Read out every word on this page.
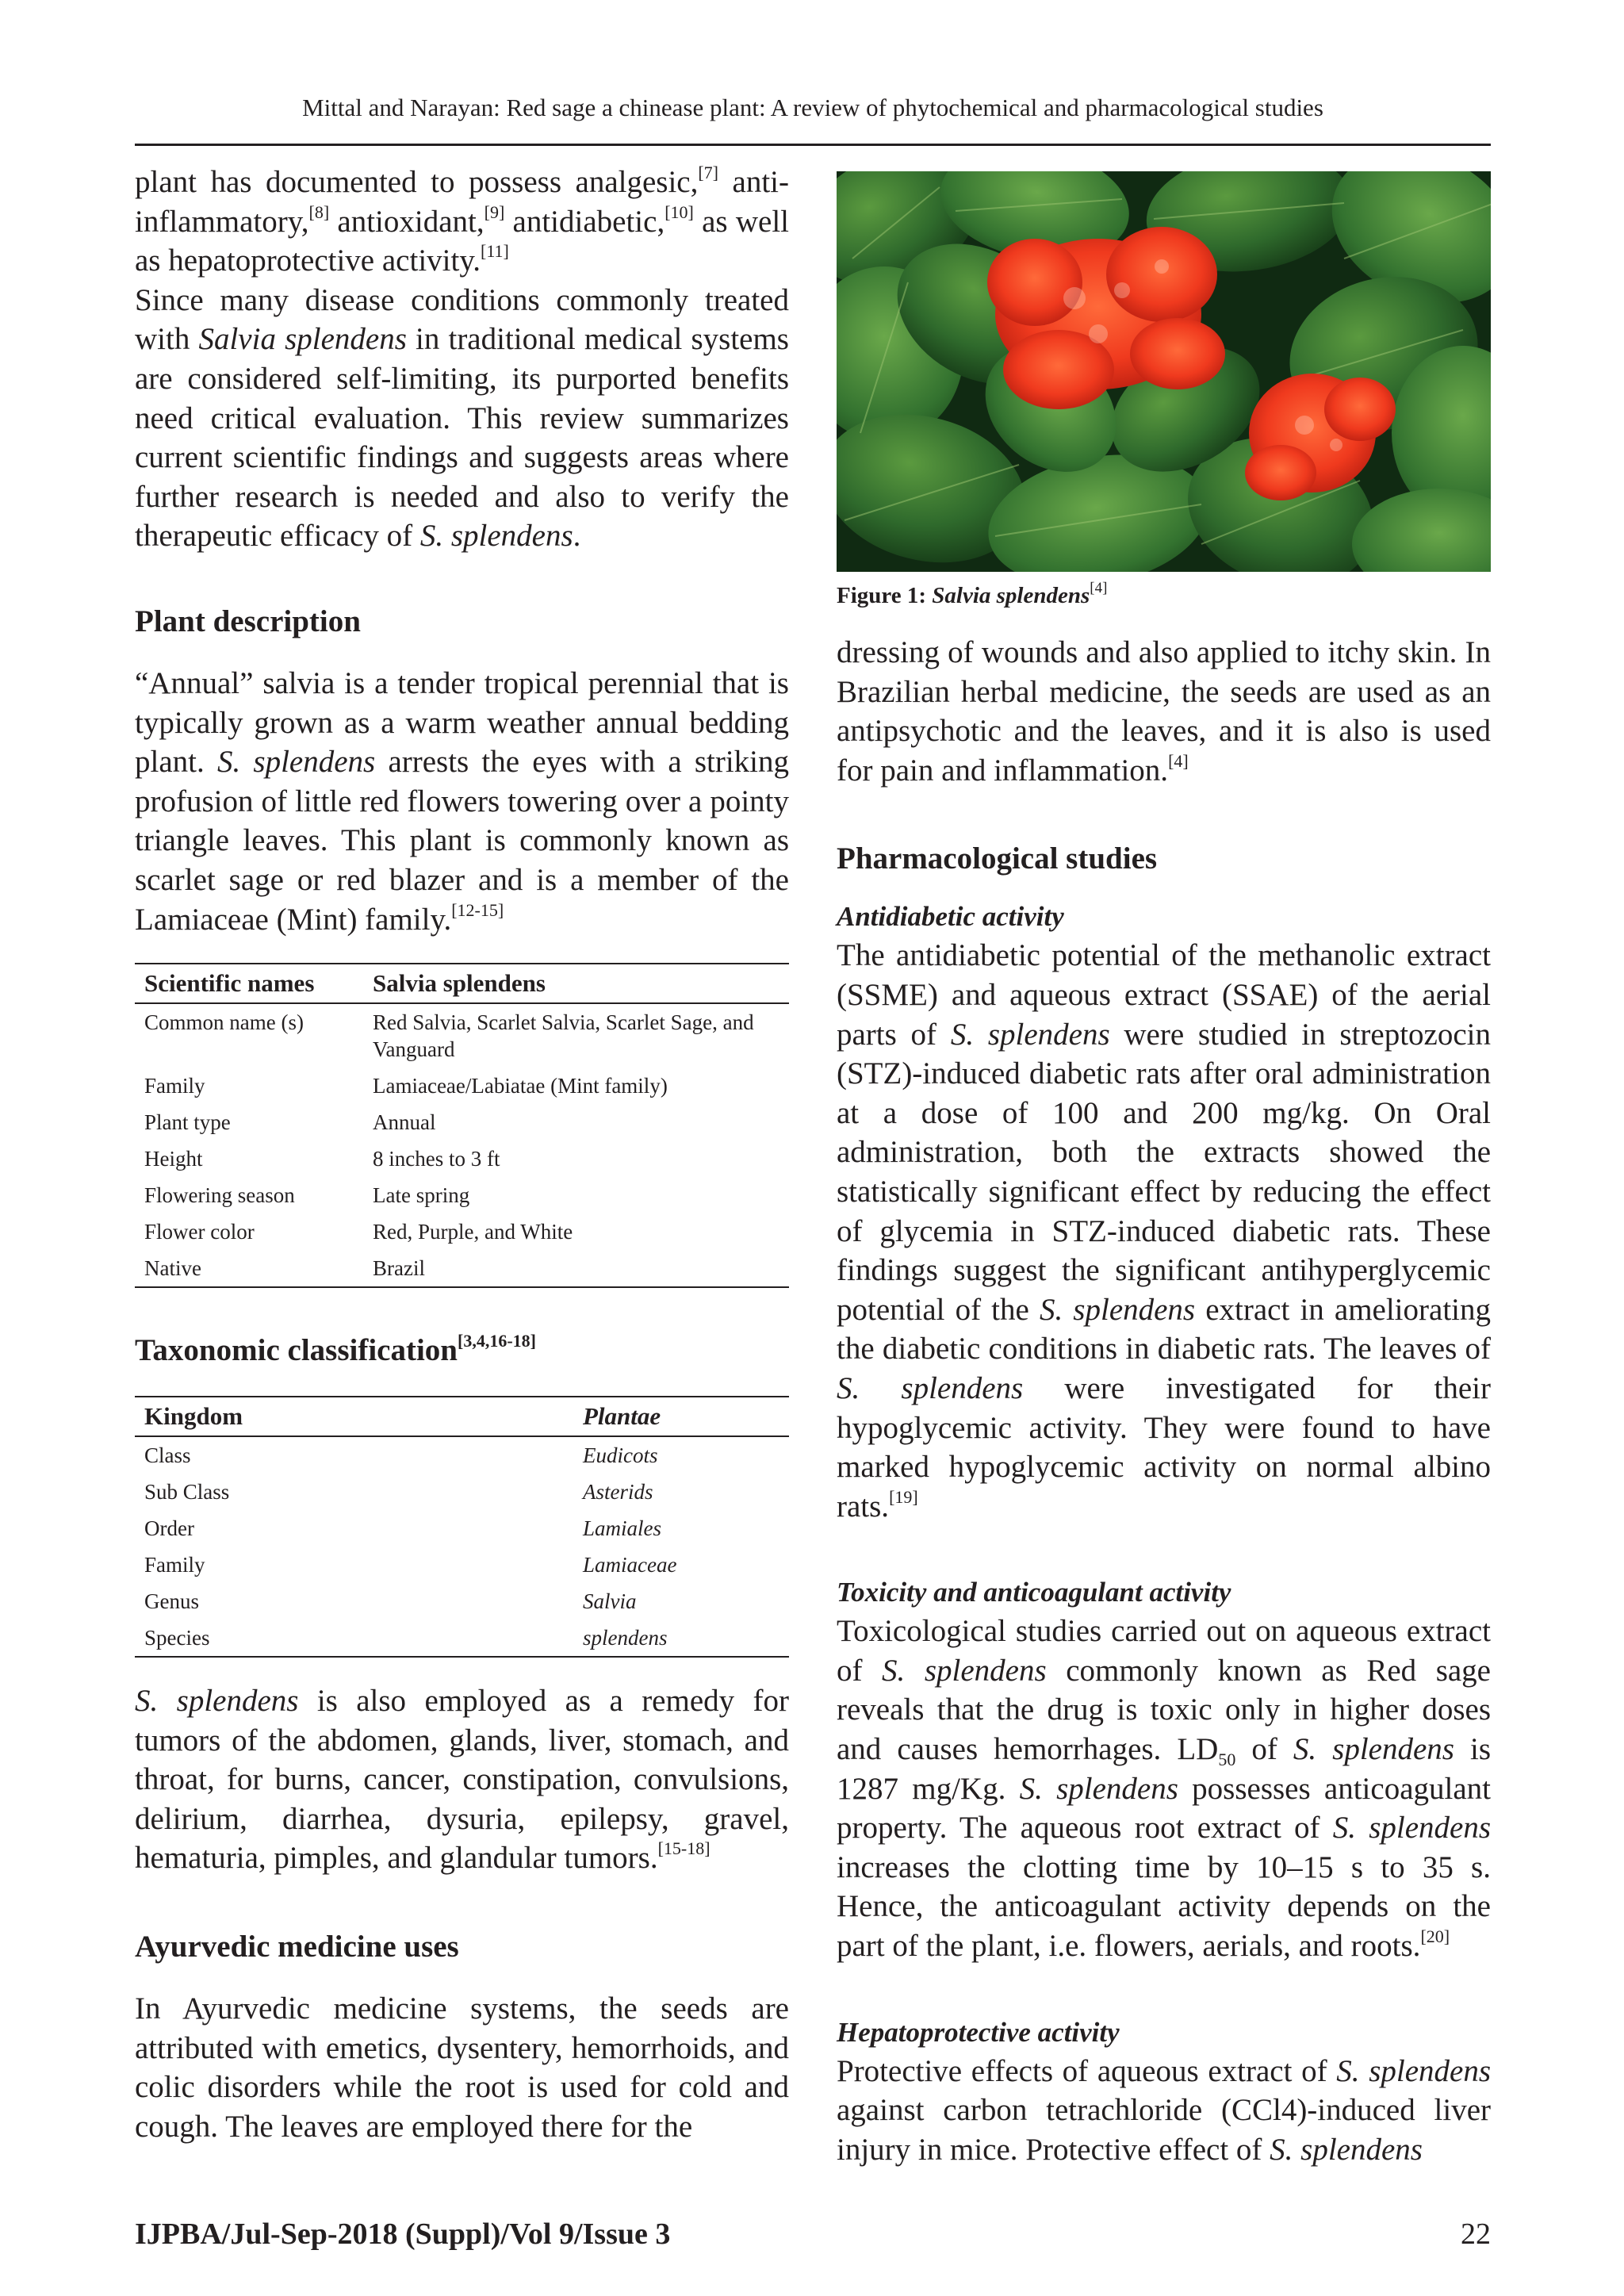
Mittal and Narayan: Red sage a chinease plant: A review of phytochemical and pharmacological studies

plant has documented to possess analgesic,[7] anti-inflammatory,[8] antioxidant,[9] antidiabetic,[10] as well as hepatoprotective activity.[11]

Since many disease conditions commonly treated with Salvia splendens in traditional medical systems are considered self-limiting, its purported benefits need critical evaluation. This review summarizes current scientific findings and suggests areas where further research is needed and also to verify the therapeutic efficacy of S. splendens.

Plant description

“Annual” salvia is a tender tropical perennial that is typically grown as a warm weather annual bedding plant. S. splendens arrests the eyes with a striking profusion of little red flowers towering over a pointy triangle leaves. This plant is commonly known as scarlet sage or red blazer and is a member of the Lamiaceae (Mint) family.[12-15]

Scientific names	Salvia splendens
Common name (s)	Red Salvia, Scarlet Salvia, Scarlet Sage, and Vanguard
Family	Lamiaceae/Labiatae (Mint family)
Plant type	Annual
Height	8 inches to 3 ft
Flowering season	Late spring
Flower color	Red, Purple, and White
Native	Brazil
Taxonomic classification[3,4,16-18]
Kingdom	Plantae
Class	Eudicots
Sub Class	Asterids
Order	Lamiales
Family	Lamiaceae
Genus	Salvia
Species	splendens

S. splendens is also employed as a remedy for tumors of the abdomen, glands, liver, stomach, and throat, for burns, cancer, constipation, convulsions, delirium, diarrhea, dysuria, epilepsy, gravel, hematuria, pimples, and glandular tumors.[15-18]

Ayurvedic medicine uses

In Ayurvedic medicine systems, the seeds are attributed with emetics, dysentery, hemorrhoids, and colic disorders while the root is used for cold and cough. The leaves are employed there for the

Figure 1: Salvia splendens[4]

dressing of wounds and also applied to itchy skin. In Brazilian herbal medicine, the seeds are used as an antipsychotic and the leaves, and it is also is used for pain and inflammation.[4]

Pharmacological studies
Antidiabetic activity

The antidiabetic potential of the methanolic extract (SSME) and aqueous extract (SSAE) of the aerial parts of S. splendens were studied in streptozocin (STZ)-induced diabetic rats after oral administration at a dose of 100 and 200 mg/kg. On Oral administration, both the extracts showed the statistically significant effect by reducing the effect of glycemia in STZ-induced diabetic rats. These findings suggest the significant antihyperglycemic potential of the S. splendens extract in ameliorating the diabetic conditions in diabetic rats. The leaves of S. splendens were investigated for their hypoglycemic activity. They were found to have marked hypoglycemic activity on normal albino rats.[19]

Toxicity and anticoagulant activity

Toxicological studies carried out on aqueous extract of S. splendens commonly known as Red sage reveals that the drug is toxic only in higher doses and causes hemorrhages. $LD_{50}$ of S. splendens is 1287 mg/Kg. S. splendens possesses anticoagulant property. The aqueous root extract of S. splendens increases the clotting time by 10–15 s to 35 s. Hence, the anticoagulant activity depends on the part of the plant, i.e. flowers, aerials, and roots.[20]

Hepatoprotective activity

Protective effects of aqueous extract of S. splendens against carbon tetrachloride (CCl4)-induced liver injury in mice. Protective effect of S. splendens

IJPBA/Jul-Sep-2018 (Suppl)/Vol 9/Issue 3	22
